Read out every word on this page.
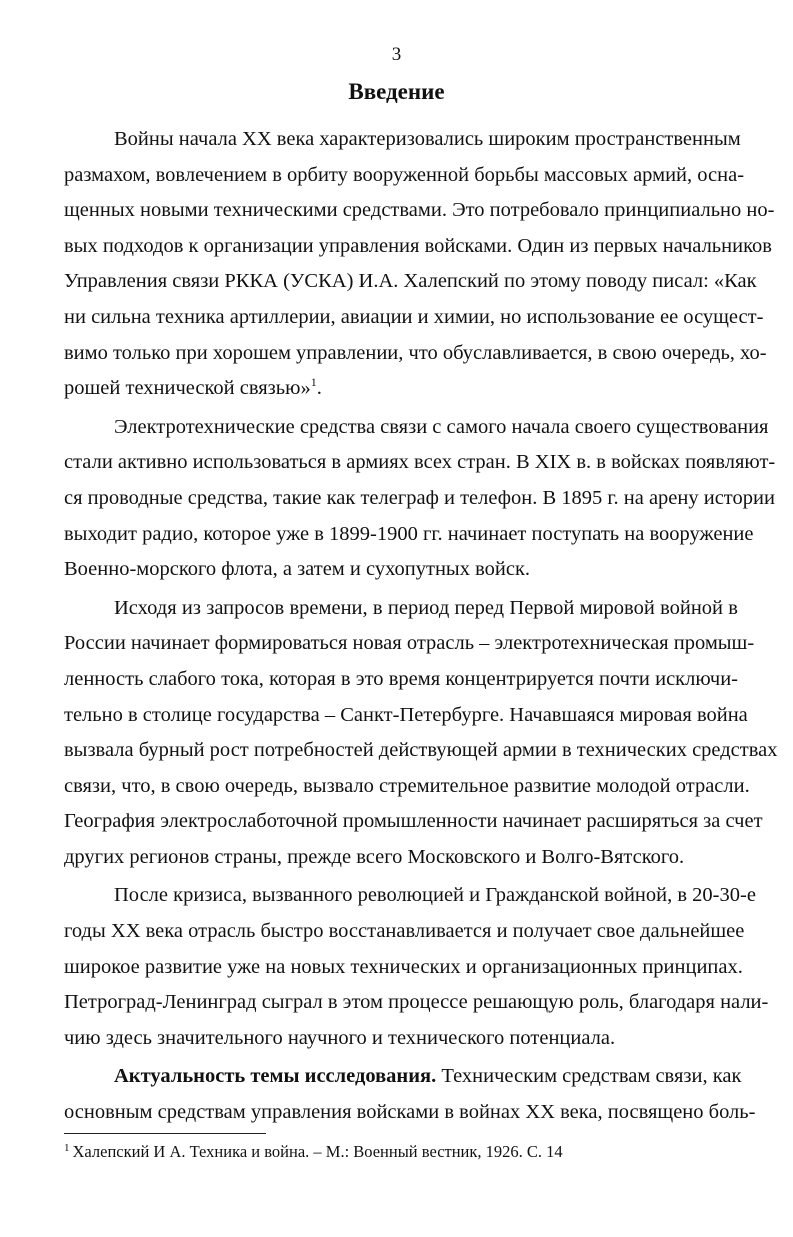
3
Введение
Войны начала XX века характеризовались широким пространственным
размахом, вовлечением в орбиту вооруженной борьбы массовых армий, осна-
щенных новыми техническими средствами. Это потребовало принципиально но-
вых подходов к организации управления войсками. Один из первых начальников
Управления связи РККА (УСКА) И.А. Халепский по этому поводу писал: «Как
ни сильна техника артиллерии, авиации и химии, но использование ее осущест-
вимо только при хорошем управлении, что обуславливается, в свою очередь, хо-
рошей технической связью»$^1$.
Электротехнические средства связи с самого начала своего существования
стали активно использоваться в армиях всех стран. В XIX в. в войсках появляют-
ся проводные средства, такие как телеграф и телефон. В 1895 г. на арену истории
выходит радио, которое уже в 1899-1900 гг. начинает поступать на вооружение
Военно-морского флота, а затем и сухопутных войск.
Исходя из запросов времени, в период перед Первой мировой войной в
России начинает формироваться новая отрасль – электротехническая промыш-
ленность слабого тока, которая в это время концентрируется почти исключи-
тельно в столице государства – Санкт-Петербурге. Начавшаяся мировая война
вызвала бурный рост потребностей действующей армии в технических средствах
связи, что, в свою очередь, вызвало стремительное развитие молодой отрасли.
География электрослаботочной промышленности начинает расширяться за счет
других регионов страны, прежде всего Московского и Волго-Вятского.
После кризиса, вызванного революцией и Гражданской войной, в 20-30-е
годы XX века отрасль быстро восстанавливается и получает свое дальнейшее
широкое развитие уже на новых технических и организационных принципах.
Петроград-Ленинград сыграл в этом процессе решающую роль, благодаря нали-
чию здесь значительного научного и технического потенциала.
Актуальность темы исследования. Техническим средствам связи, как
основным средствам управления войсками в войнах XX века, посвящено боль-
$^1$ Халепский И А. Техника и война. – М.: Военный вестник, 1926. С. 14
